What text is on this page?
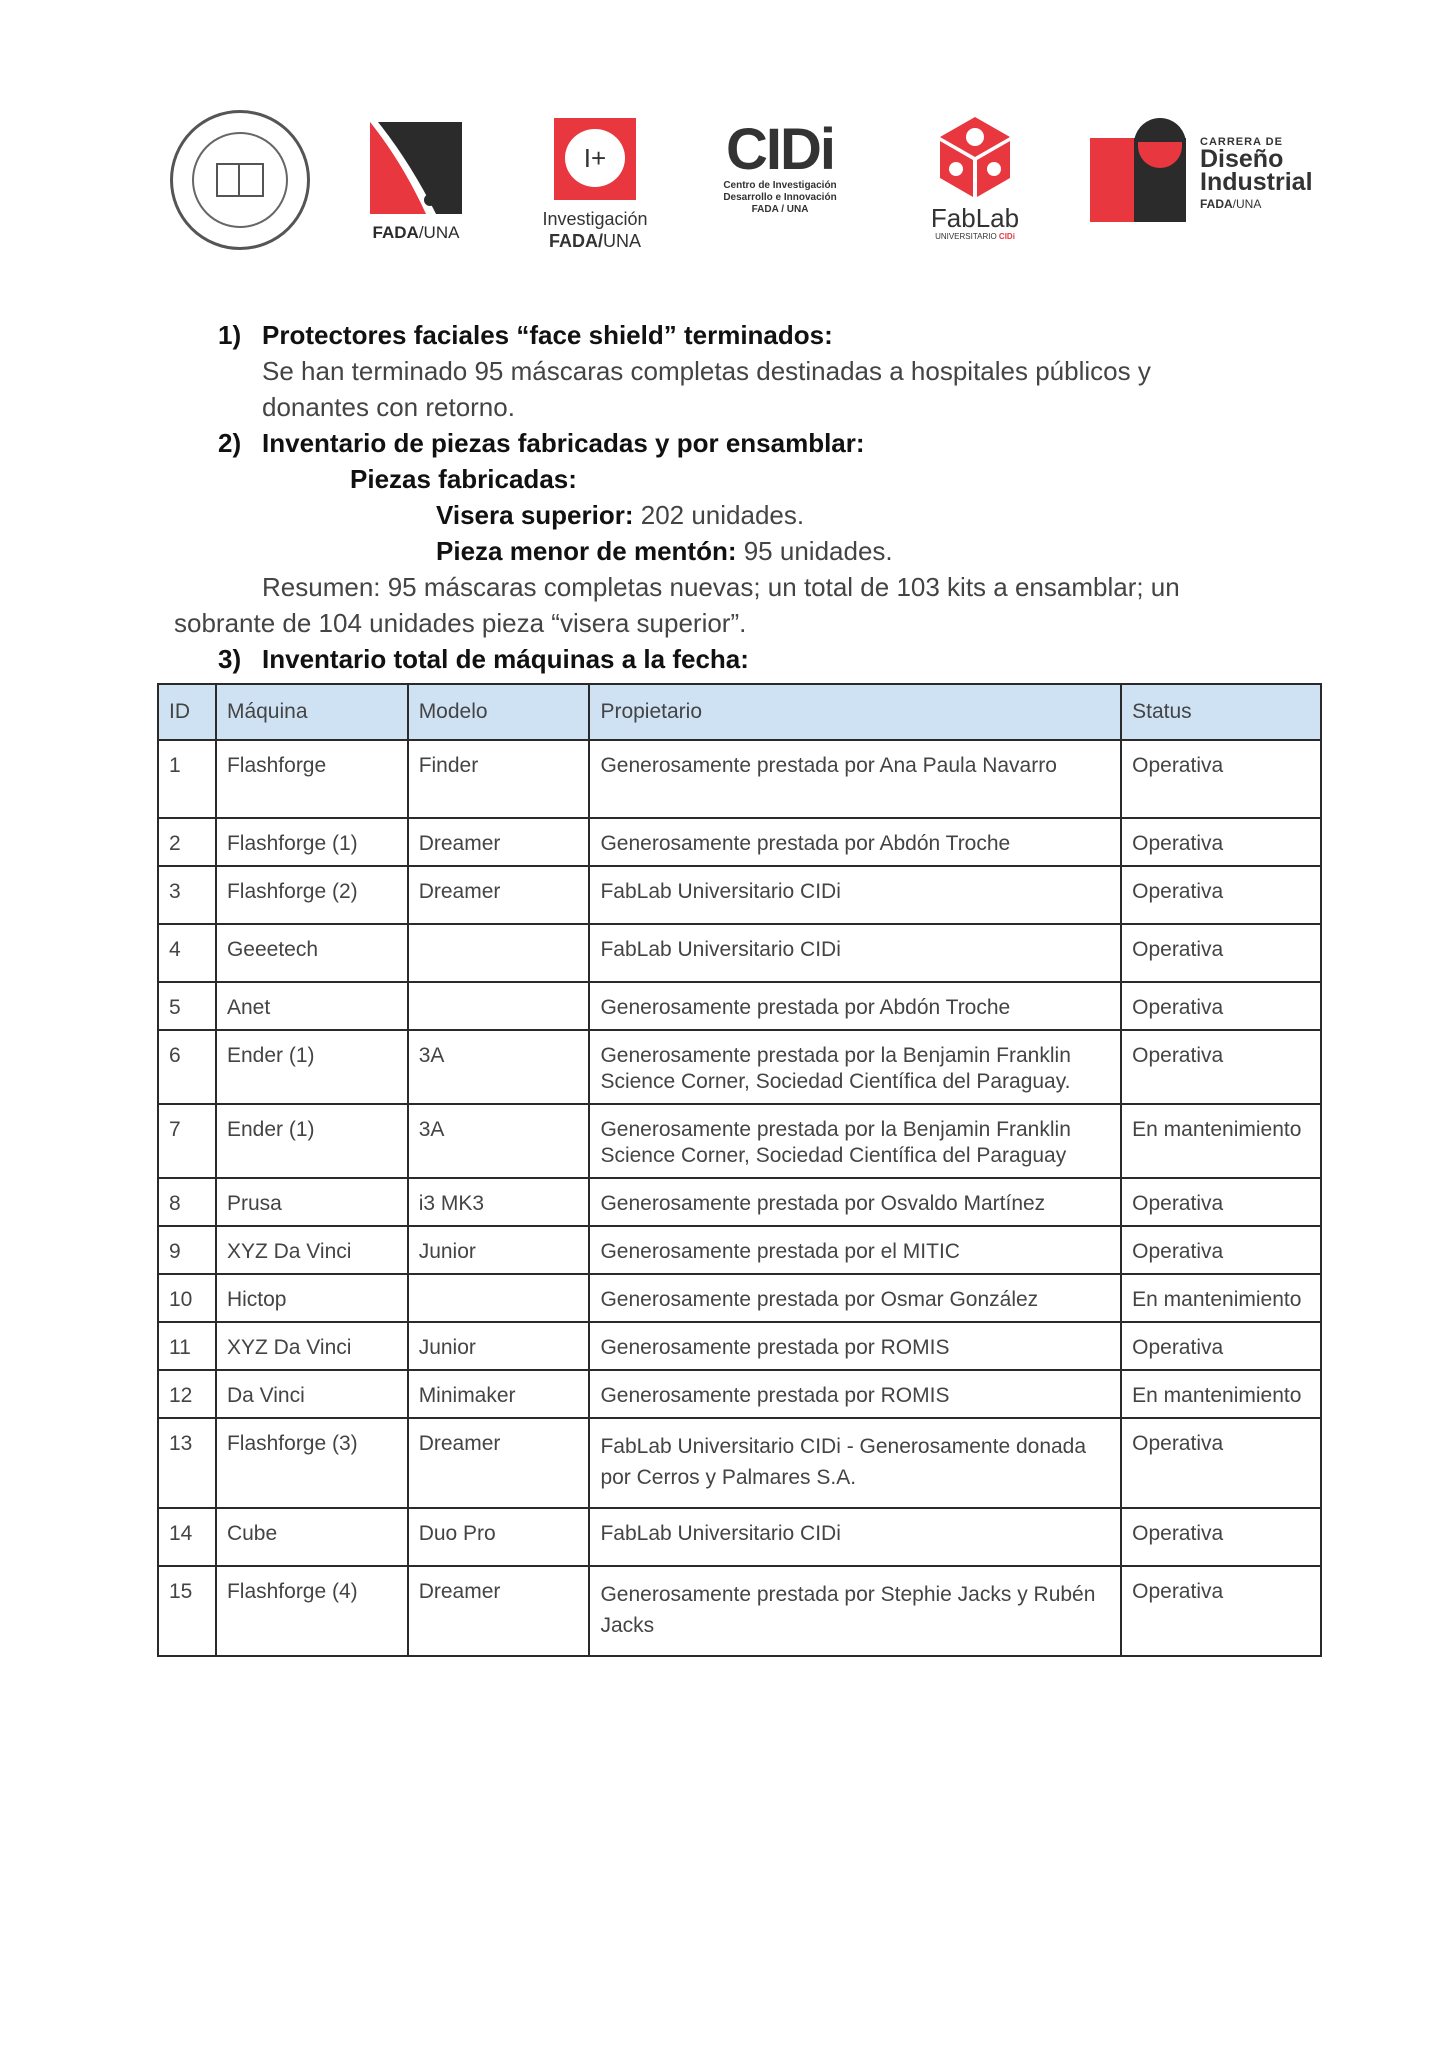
FADA/UNA
I+
Investigación
FADA/UNA
CIDi
Centro de Investigación
Desarrollo e Innovación
FADA / UNA	FabLab
UNIVERSITARIO CIDi
CARRERA DE
Diseño
Industrial
FADA/UNA
1) Protectores faciales “face shield” terminados:
Se han terminado 95 máscaras completas destinadas a hospitales públicos y
donantes con retorno.
2) Inventario de piezas fabricadas y por ensamblar:
Piezas fabricadas:
Visera superior: 202 unidades.
Pieza menor de mentón: 95 unidades.
Resumen: 95 máscaras completas nuevas; un total de 103 kits a ensamblar; un
sobrante de 104 unidades pieza “visera superior”.
3) Inventario total de máquinas a la fecha:
ID	Máquina	Modelo	Propietario	Status
1	Flashforge	Finder	Generosamente prestada por Ana Paula Navarro	Operativa
2	Flashforge (1)	Dreamer	Generosamente prestada por Abdón Troche	Operativa
3	Flashforge (2)	Dreamer	FabLab Universitario CIDi	Operativa
4	Geeetech		FabLab Universitario CIDi	Operativa
5	Anet		Generosamente prestada por Abdón Troche	Operativa
6	Ender (1)	3A	Generosamente prestada por la Benjamin Franklin Science Corner, Sociedad Científica del Paraguay.	Operativa
7	Ender (1)	3A	Generosamente prestada por la Benjamin Franklin Science Corner, Sociedad Científica del Paraguay	En mantenimiento
8	Prusa	i3 MK3	Generosamente prestada por Osvaldo Martínez	Operativa
9	XYZ Da Vinci	Junior	Generosamente prestada por el MITIC	Operativa
10	Hictop		Generosamente prestada por Osmar González	En mantenimiento
11	XYZ Da Vinci	Junior	Generosamente prestada por ROMIS	Operativa
12	Da Vinci	Minimaker	Generosamente prestada por ROMIS	En mantenimiento
13	Flashforge (3)	Dreamer	FabLab Universitario CIDi - Generosamente donada por Cerros y Palmares S.A.	Operativa
14	Cube	Duo Pro	FabLab Universitario CIDi	Operativa
15	Flashforge (4)	Dreamer	Generosamente prestada por Stephie Jacks y Rubén Jacks	Operativa
